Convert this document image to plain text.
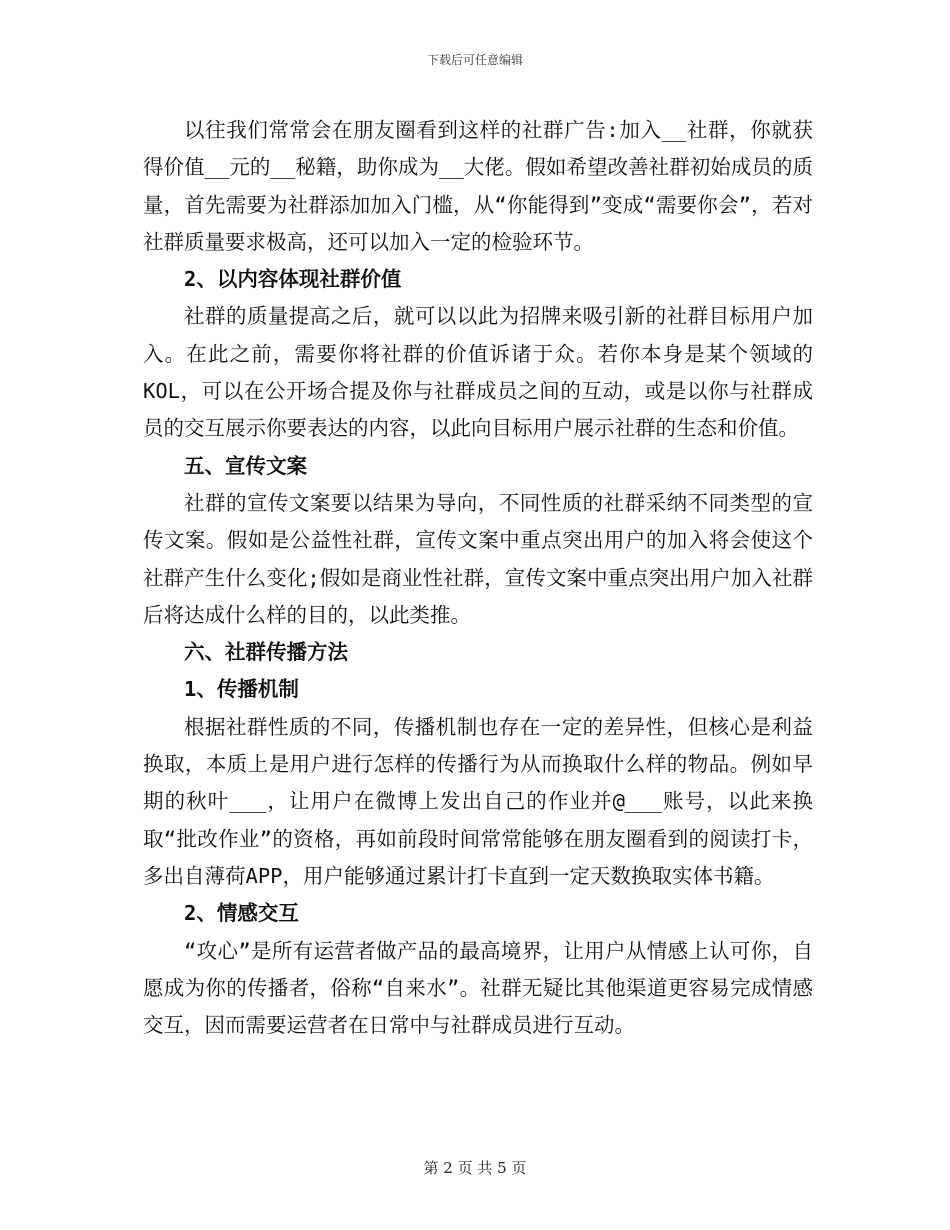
下载后可任意编辑

以往我们常常会在朋友圈看到这样的社群广告:加入__社群，你就获得价值__元的__秘籍，助你成为__大佬。假如希望改善社群初始成员的质量，首先需要为社群添加加入门槛，从“你能得到”变成“需要你会”，若对社群质量要求极高，还可以加入一定的检验环节。

2、以内容体现社群价值

社群的质量提高之后，就可以以此为招牌来吸引新的社群目标用户加入。在此之前，需要你将社群的价值诉诸于众。若你本身是某个领域的KOL，可以在公开场合提及你与社群成员之间的互动，或是以你与社群成员的交互展示你要表达的内容，以此向目标用户展示社群的生态和价值。

五、宣传文案

社群的宣传文案要以结果为导向，不同性质的社群采纳不同类型的宣传文案。假如是公益性社群，宣传文案中重点突出用户的加入将会使这个社群产生什么变化;假如是商业性社群，宣传文案中重点突出用户加入社群后将达成什么样的目的，以此类推。

六、社群传播方法

1、传播机制

根据社群性质的不同，传播机制也存在一定的差异性，但核心是利益换取，本质上是用户进行怎样的传播行为从而换取什么样的物品。例如早期的秋叶___，让用户在微博上发出自己的作业并@___账号，以此来换取“批改作业”的资格，再如前段时间常常能够在朋友圈看到的阅读打卡，多出自薄荷APP，用户能够通过累计打卡直到一定天数换取实体书籍。

2、情感交互

“攻心”是所有运营者做产品的最高境界，让用户从情感上认可你，自愿成为你的传播者，俗称“自来水”。社群无疑比其他渠道更容易完成情感交互，因而需要运营者在日常中与社群成员进行互动。

第 2 页 共 5 页
